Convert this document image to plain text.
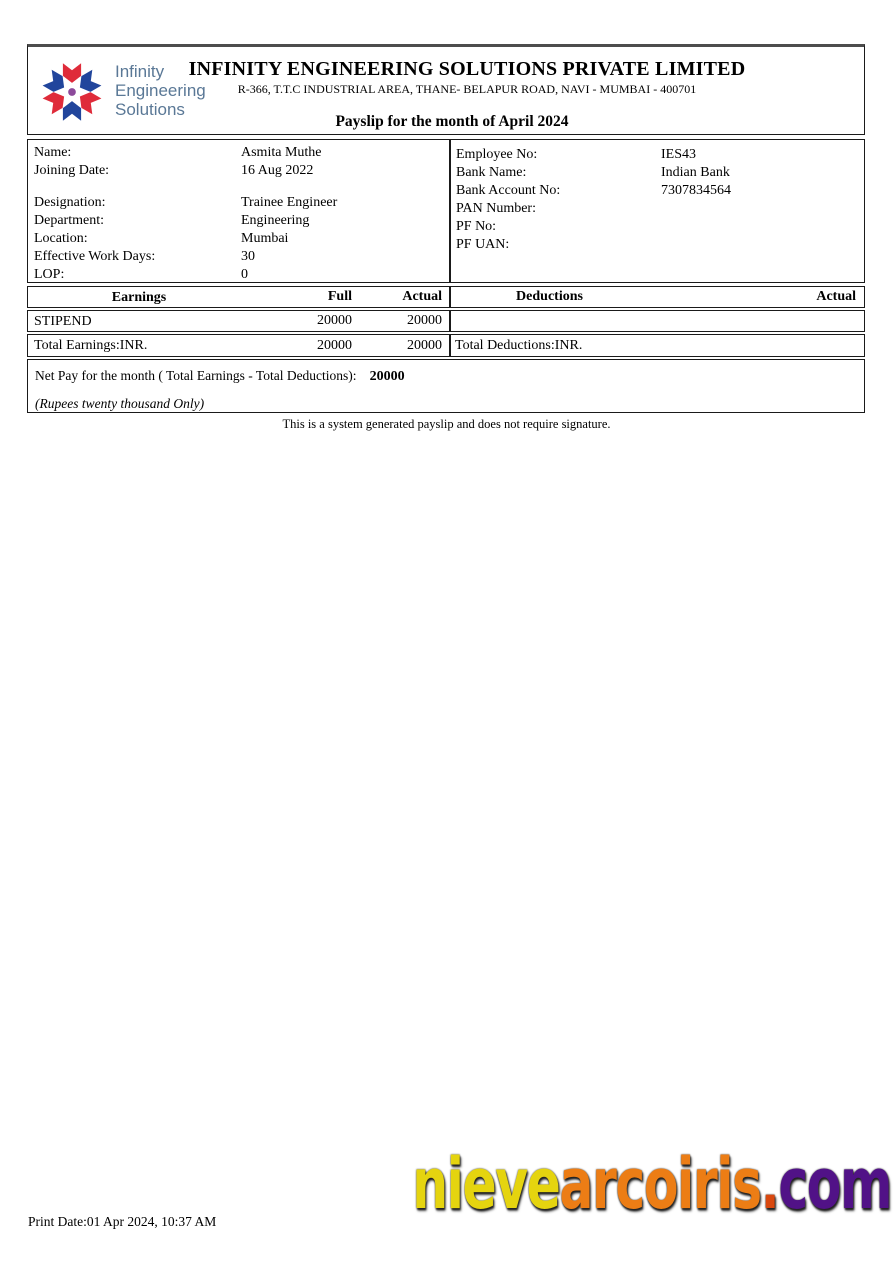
Infinity
Engineering
Solutions
INFINITY ENGINEERING SOLUTIONS PRIVATE LIMITED
R-366, T.T.C INDUSTRIAL AREA, THANE- BELAPUR ROAD, NAVI - MUMBAI - 400701
Payslip for the month of April 2024
Name:	Asmita Muthe
Joining Date:	16 Aug 2022
Designation:	Trainee Engineer
Department:	Engineering
Location:	Mumbai
Effective Work Days:	30
LOP:	0
Employee No:	IES43
Bank Name:	Indian Bank
Bank Account No:	7307834564
PAN Number:
PF No:
PF UAN:
Earnings	Full	Actual	Deductions	Actual
STIPEND	20000	20000
Total Earnings:INR.	20000	20000 Total Deductions:INR.
Net Pay for the month ( Total Earnings - Total Deductions): 20000
(Rupees twenty thousand Only)
This is a system generated payslip and does not require signature.
nievearcoiris.com
Print Date:01 Apr 2024, 10:37 AM
